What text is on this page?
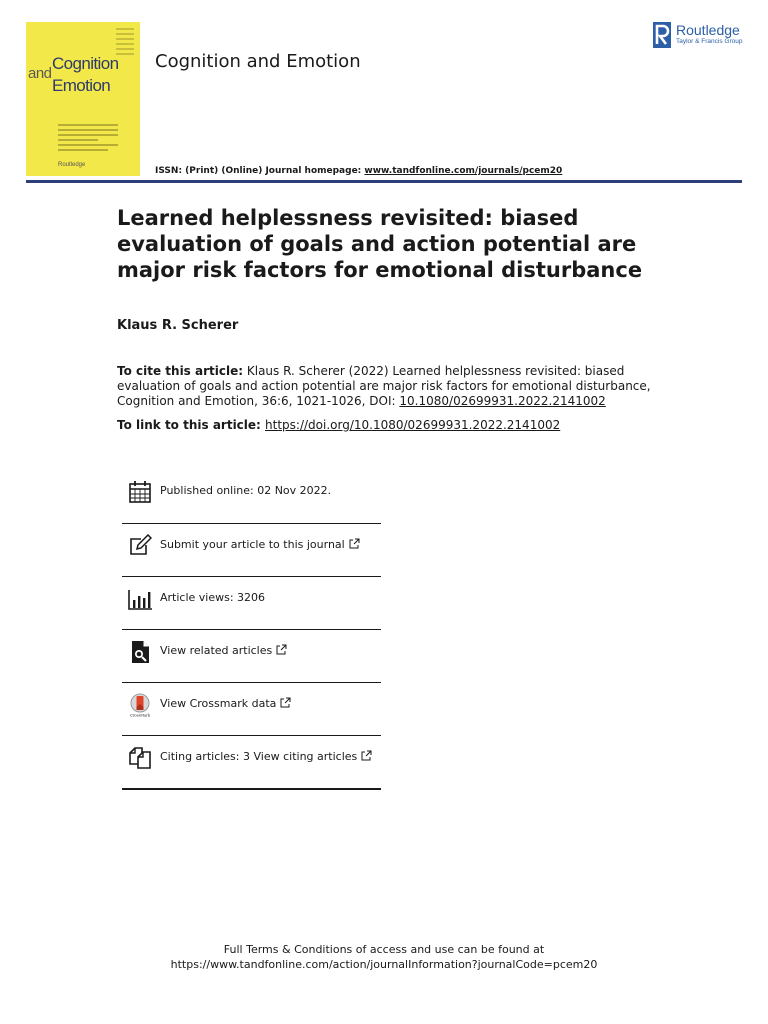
and
Cognition
Emotion
Routledge
Cognition and Emotion
ISSN: (Print) (Online) Journal homepage: www.tandfonline.com/journals/pcem20
Routledge
Taylor & Francis Group
Learned helplessness revisited: biased evaluation of goals and action potential are major risk factors for emotional disturbance
Klaus R. Scherer
To cite this article: Klaus R. Scherer (2022) Learned helplessness revisited: biased evaluation of goals and action potential are major risk factors for emotional disturbance, Cognition and Emotion, 36:6, 1021-1026, DOI: 10.1080/02699931.2022.2141002
To link to this article: https://doi.org/10.1080/02699931.2022.2141002
Published online: 02 Nov 2022.
Submit your article to this journal
Article views: 3206
View related articles
CrossMark
View Crossmark data
Citing articles: 3 View citing articles
Full Terms & Conditions of access and use can be found at
https://www.tandfonline.com/action/journalInformation?journalCode=pcem20
